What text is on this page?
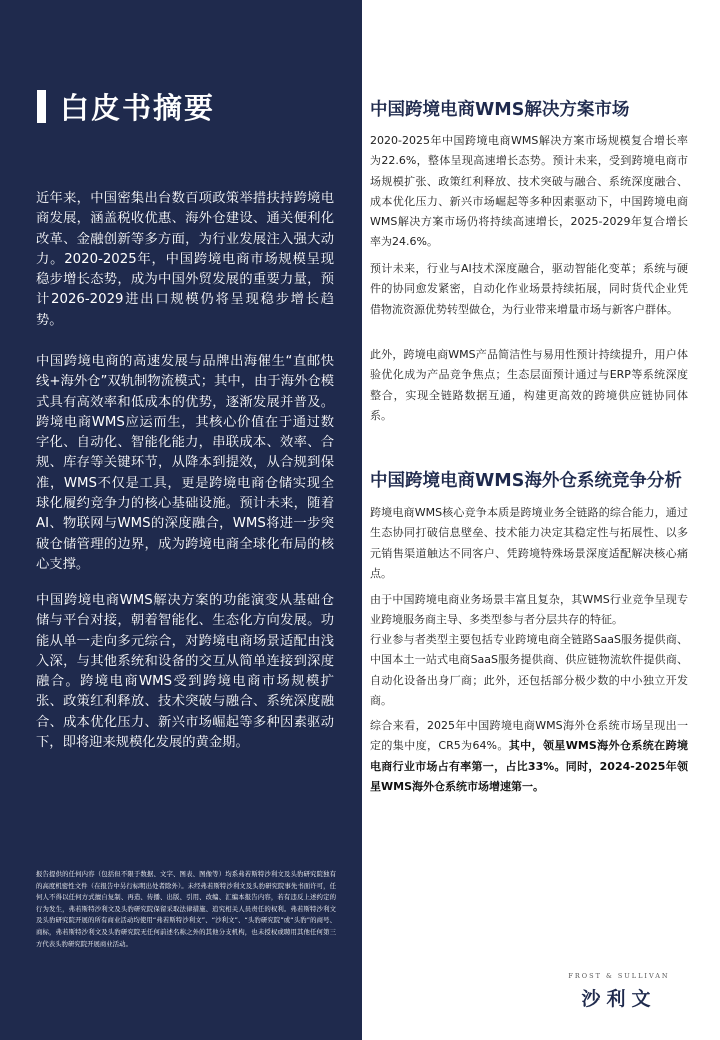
白皮书摘要

近年来，中国密集出台数百项政策举措扶持跨境电商发展，涵盖税收优惠、海外仓建设、通关便利化改革、金融创新等多方面，为行业发展注入强大动力。2020-2025年，中国跨境电商市场规模呈现稳步增长态势，成为中国外贸发展的重要力量，预计2026-2029进出口规模仍将呈现稳步增长趋势。

中国跨境电商的高速发展与品牌出海催生“直邮快线+海外仓”双轨制物流模式；其中，由于海外仓模式具有高效率和低成本的优势，逐渐发展并普及。跨境电商WMS应运而生，其核心价值在于通过数字化、自动化、智能化能力，串联成本、效率、合规、库存等关键环节，从降本到提效，从合规到保准，WMS不仅是工具，更是跨境电商仓储实现全球化履约竞争力的核心基础设施。预计未来，随着AI、物联网与WMS的深度融合，WMS将进一步突破仓储管理的边界，成为跨境电商全球化布局的核心支撑。

中国跨境电商WMS解决方案的功能演变从基础仓储与平台对接，朝着智能化、生态化方向发展。功能从单一走向多元综合，对跨境电商场景适配由浅入深，与其他系统和设备的交互从简单连接到深度融合。跨境电商WMS受到跨境电商市场规模扩张、政策红利释放、技术突破与融合、系统深度融合、成本优化压力、新兴市场崛起等多种因素驱动下，即将迎来规模化发展的黄金期。

报告提供的任何内容（包括但不限于数据、文字、图表、图像等）均系弗若斯特沙利文及头豹研究院独有的高度机密性文件（在报告中另行标明出处者除外）。未经弗若斯特沙利文及头豹研究院事先书面许可，任何人不得以任何方式擅自复制、再造、传播、出版、引用、改编、汇编本报告内容，若有违反上述约定的行为发生，弗若斯特沙利文及头豹研究院保留采取法律措施、追究相关人员责任的权利。弗若斯特沙利文及头豹研究院开展的所有商业活动均使用“弗若斯特沙利文”、“沙利文”、“头豹研究院”或“头豹”的商号、商标，弗若斯特沙利文及头豹研究院无任何前述名称之外的其他分支机构，也未授权或聘用其他任何第三方代表头豹研究院开展商业活动。

中国跨境电商WMS解决方案市场

2020-2025年中国跨境电商WMS解决方案市场规模复合增长率为22.6%，整体呈现高速增长态势。预计未来，受到跨境电商市场规模扩张、政策红利释放、技术突破与融合、系统深度融合、成本优化压力、新兴市场崛起等多种因素驱动下，中国跨境电商WMS解决方案市场仍将持续高速增长，2025-2029年复合增长率为24.6%。

预计未来，行业与AI技术深度融合，驱动智能化变革；系统与硬件的协同愈发紧密，自动化作业场景持续拓展，同时货代企业凭借物流资源优势转型做仓，为行业带来增量市场与新客户群体。

此外，跨境电商WMS产品简洁性与易用性预计持续提升，用户体验优化成为产品竞争焦点；生态层面预计通过与ERP等系统深度整合，实现全链路数据互通，构建更高效的跨境供应链协同体系。

中国跨境电商WMS海外仓系统竞争分析

跨境电商WMS核心竞争本质是跨境业务全链路的综合能力，通过生态协同打破信息壁垒、技术能力决定其稳定性与拓展性、以多元销售渠道触达不同客户、凭跨境特殊场景深度适配解决核心痛点。

由于中国跨境电商业务场景丰富且复杂，其WMS行业竞争呈现专业跨境服务商主导、多类型参与者分层共存的特征。

行业参与者类型主要包括专业跨境电商全链路SaaS服务提供商、中国本土一站式电商SaaS服务提供商、供应链物流软件提供商、自动化设备出身厂商；此外，还包括部分极少数的中小独立开发商。

综合来看，2025年中国跨境电商WMS海外仓系统市场呈现出一定的集中度，CR5为64%。其中，领星WMS海外仓系统在跨境电商行业市场占有率第一，占比33%。同时，2024-2025年领星WMS海外仓系统市场增速第一。

FROST & SULLIVAN
沙利文
